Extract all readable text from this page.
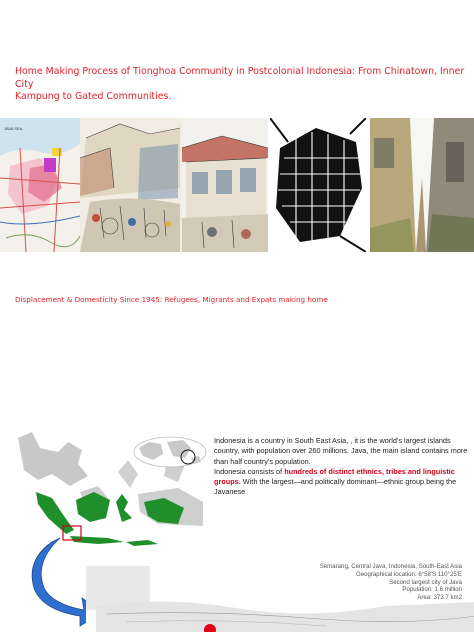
Home Making Process of Tionghoa Community in Postcolonial Indonesia: From Chinatown, Inner City
Kampung to Gated Communities.
JAVA SEA
Displacement & Domesticity Since 1945: Refugees, Migrants and Expats making home
Indonesia is a country in South East Asia, , it is the world's largest islands country, with population over 260 millions. Java, the main island contains more than half country's population.
Indonesia consists of hundreds of distinct ethnics, tribes and linguistic groups. With the largest—and politically dominant—ethnic group being the Javanese
Semarang, Central Java, Indonesia, South-East Asia
Geographical location: 6°58'S 110°25'E
Second largest city of Java
Population: 1.6 million
Area: 373.7 km2
